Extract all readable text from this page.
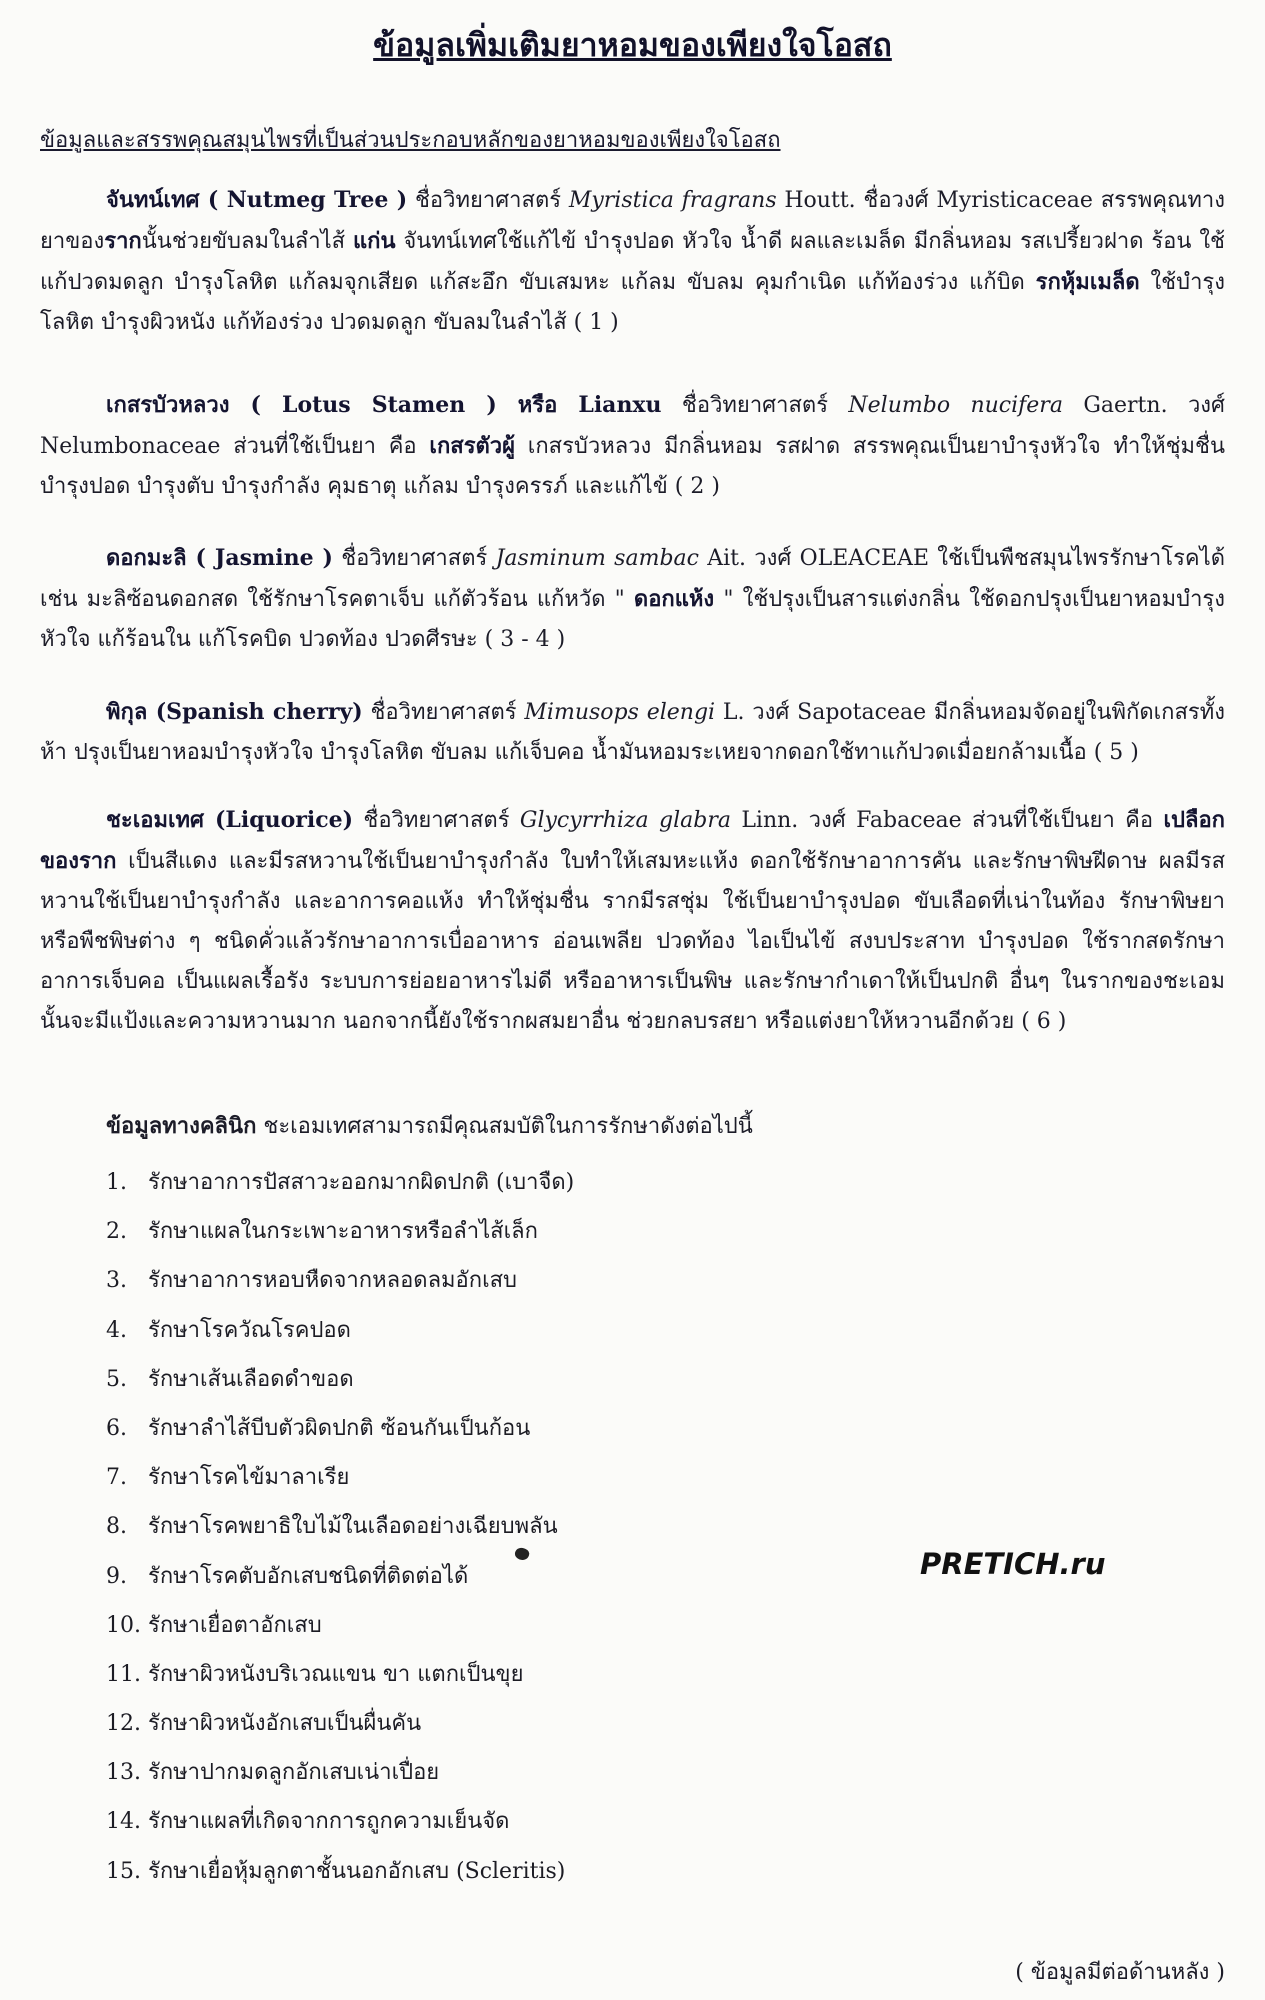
ข้อมูลเพิ่มเติมยาหอมของเพียงใจโอสถ
ข้อมูลและสรรพคุณสมุนไพรที่เป็นส่วนประกอบหลักของยาหอมของเพียงใจโอสถ
จันทน์เทศ ( Nutmeg Tree ) ชื่อวิทยาศาสตร์ Myristica fragrans Houtt. ชื่อวงศ์ Myristicaceae สรรพคุณทางยาของรากนั้นช่วยขับลมในลำไส้ แก่น จันทน์เทศใช้แก้ไข้ บำรุงปอด หัวใจ น้ำดี ผลและเมล็ด มีกลิ่นหอม รสเปรี้ยวฝาด ร้อน ใช้แก้ปวดมดลูก บำรุงโลหิต แก้ลมจุกเสียด แก้สะอึก ขับเสมหะ แก้ลม ขับลม คุมกำเนิด แก้ท้องร่วง แก้บิด รกหุ้มเมล็ด ใช้บำรุงโลหิต บำรุงผิวหนัง แก้ท้องร่วง ปวดมดลูก ขับลมในลำไส้ ( 1 )
เกสรบัวหลวง ( Lotus Stamen ) หรือ Lianxu ชื่อวิทยาศาสตร์ Nelumbo nucifera Gaertn. วงศ์ Nelumbonaceae ส่วนที่ใช้เป็นยา คือ เกสรตัวผู้ เกสรบัวหลวง มีกลิ่นหอม รสฝาด สรรพคุณเป็นยาบำรุงหัวใจ ทำให้ชุ่มชื่น บำรุงปอด บำรุงตับ บำรุงกำลัง คุมธาตุ แก้ลม บำรุงครรภ์ และแก้ไข้ ( 2 )
ดอกมะลิ ( Jasmine ) ชื่อวิทยาศาสตร์ Jasminum sambac Ait. วงศ์ OLEACEAE ใช้เป็นพืชสมุนไพรรักษาโรคได้ เช่น มะลิซ้อนดอกสด ใช้รักษาโรคตาเจ็บ แก้ตัวร้อน แก้หวัด " ดอกแห้ง " ใช้ปรุงเป็นสารแต่งกลิ่น ใช้ดอกปรุงเป็นยาหอมบำรุงหัวใจ แก้ร้อนใน แก้โรคบิด ปวดท้อง ปวดศีรษะ ( 3 - 4 )
พิกุล (Spanish cherry) ชื่อวิทยาศาสตร์ Mimusops elengi L. วงศ์ Sapotaceae มีกลิ่นหอมจัดอยู่ในพิกัดเกสรทั้งห้า ปรุงเป็นยาหอมบำรุงหัวใจ บำรุงโลหิต ขับลม แก้เจ็บคอ น้ำมันหอมระเหยจากดอกใช้ทาแก้ปวดเมื่อยกล้ามเนื้อ ( 5 )
ชะเอมเทศ (Liquorice) ชื่อวิทยาศาสตร์ Glycyrrhiza glabra Linn. วงศ์ Fabaceae ส่วนที่ใช้เป็นยา คือ เปลือกของราก เป็นสีแดง และมีรสหวานใช้เป็นยาบำรุงกำลัง ใบทำให้เสมหะแห้ง ดอกใช้รักษาอาการคัน และรักษาพิษฝีดาษ ผลมีรสหวานใช้เป็นยาบำรุงกำลัง และอาการคอแห้ง ทำให้ชุ่มชื่น รากมีรสชุ่ม ใช้เป็นยาบำรุงปอด ขับเลือดที่เน่าในท้อง รักษาพิษยาหรือพืชพิษต่าง ๆ ชนิดคั่วแล้วรักษาอาการเบื่ออาหาร อ่อนเพลีย ปวดท้อง ไอเป็นไข้ สงบประสาท บำรุงปอด ใช้รากสดรักษาอาการเจ็บคอ เป็นแผลเรื้อรัง ระบบการย่อยอาหารไม่ดี หรืออาหารเป็นพิษ และรักษากำเดาให้เป็นปกติ อื่นๆ ในรากของชะเอมนั้นจะมีแป้งและความหวานมาก นอกจากนี้ยังใช้รากผสมยาอื่น ช่วยกลบรสยา หรือแต่งยาให้หวานอีกด้วย ( 6 )
ข้อมูลทางคลินิก ชะเอมเทศสามารถมีคุณสมบัติในการรักษาดังต่อไปนี้
1. รักษาอาการปัสสาวะออกมากผิดปกติ (เบาจืด)
2. รักษาแผลในกระเพาะอาหารหรือลำไส้เล็ก
3. รักษาอาการหอบหืดจากหลอดลมอักเสบ
4. รักษาโรควัณโรคปอด
5. รักษาเส้นเลือดดำขอด
6. รักษาลำไส้บีบตัวผิดปกติ ซ้อนกันเป็นก้อน
7. รักษาโรคไข้มาลาเรีย
8. รักษาโรคพยาธิใบไม้ในเลือดอย่างเฉียบพลัน
9. รักษาโรคตับอักเสบชนิดที่ติดต่อได้
10. รักษาเยื่อตาอักเสบ
11. รักษาผิวหนังบริเวณแขน ขา แตกเป็นขุย
12. รักษาผิวหนังอักเสบเป็นผื่นคัน
13. รักษาปากมดลูกอักเสบเน่าเปื่อย
14. รักษาแผลที่เกิดจากการถูกความเย็นจัด
15. รักษาเยื่อหุ้มลูกตาชั้นนอกอักเสบ (Scleritis)
PRETICH.ru
( ข้อมูลมีต่อด้านหลัง )
